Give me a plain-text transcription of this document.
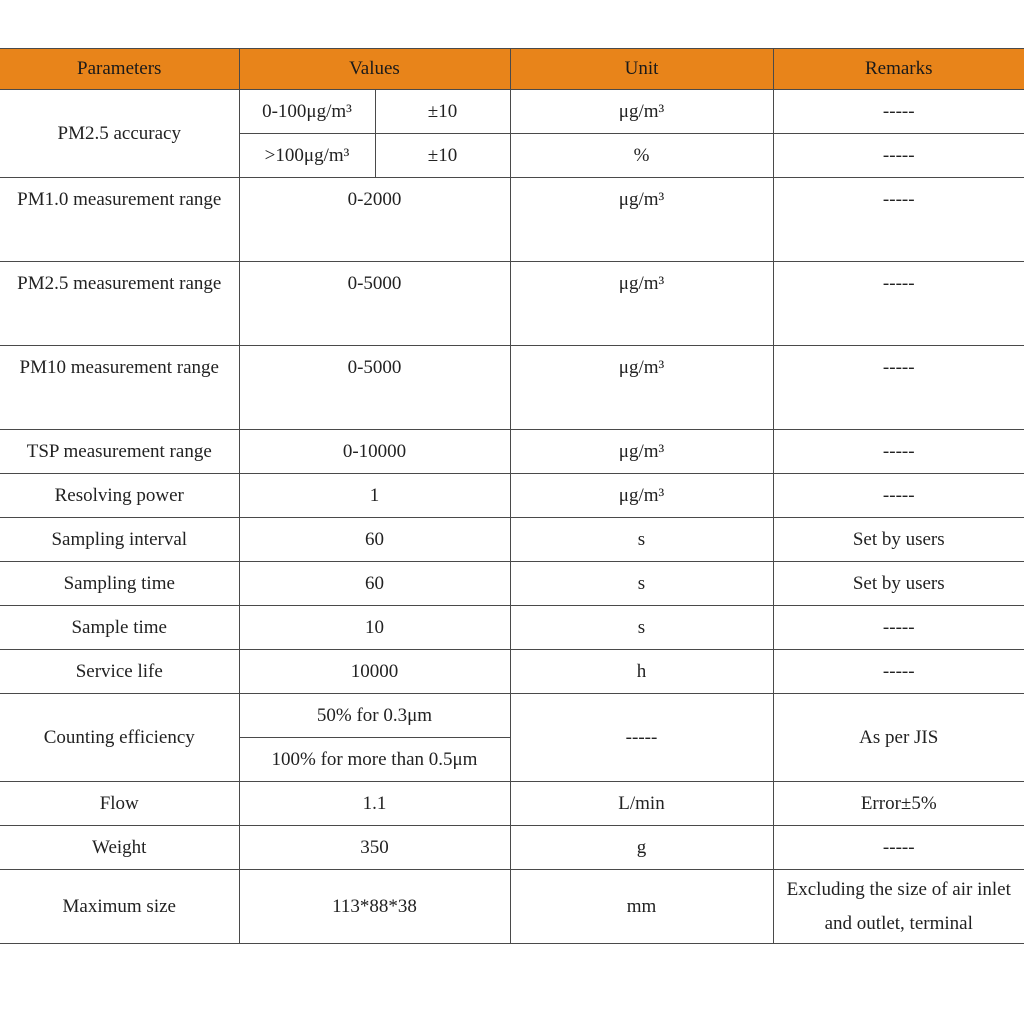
Parameters	Values		Unit	Remarks
PM2.5 accuracy	0-100μg/m³	±10	μg/m³	-----
	>100μg/m³	±10	%	-----
PM1.0 measurement range	0-2000		μg/m³	-----
PM2.5 measurement range	0-5000		μg/m³	-----
PM10 measurement range	0-5000		μg/m³	-----
TSP measurement range	0-10000		μg/m³	-----
Resolving power	1		μg/m³	-----
Sampling interval	60		s	Set by users
Sampling time	60		s	Set by users
Sample time	10		s	-----
Service life	10000		h	-----
Counting efficiency	50% for 0.3μm		-----	As per JIS
	100% for more than 0.5μm			
Flow	1.1		L/min	Error±5%
Weight	350		g	-----
Maximum size	113*88*38		mm	Excluding the size of air inlet and outlet, terminal
